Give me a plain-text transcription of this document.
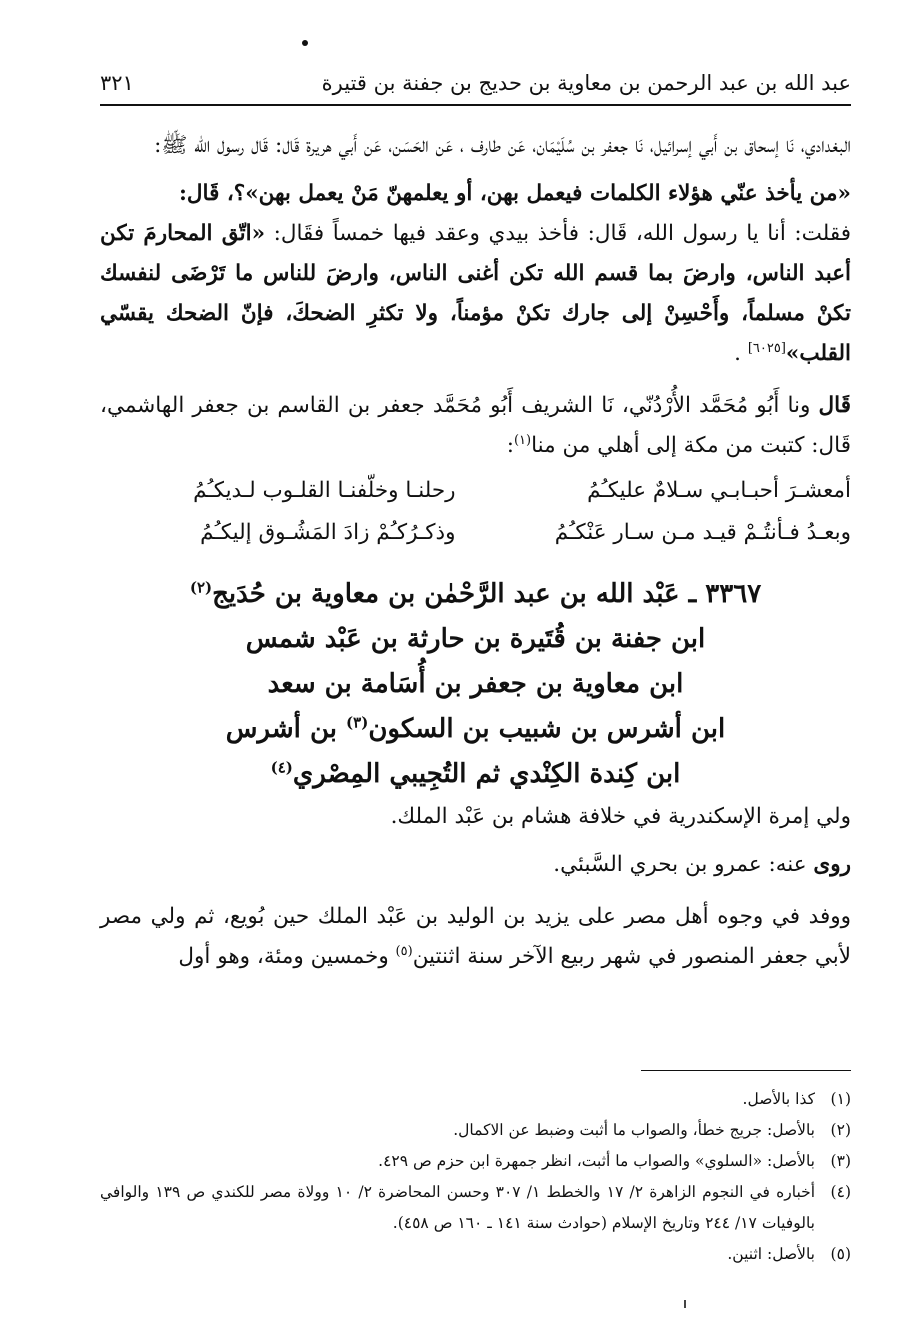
عبد الله بن عبد الرحمن بن معاوية بن حديج بن جفنة بن قتيرة
٣٢١

البغدادي، نَا إسحاق بن أَبي إسرائيل، نَا جعفر بن سُلَيْمَان، عَن طارف ، عَن الحَسَن، عَن أَبي هريرة قَال: قَال رسول الله ﷺ:

«من يأخذ عنّي هؤلاء الكلمات فيعمل بهن، أو يعلمهنّ مَنْ يعمل بهن»؟، قَال:

فقلت: أنا يا رسول الله، قَال: فأخذ بيدي وعقد فيها خمساً فقَال: «اتّق المحارمَ تكن أعبد الناس، وارضَ بما قسم الله تكن أغنى الناس، وارضَ للناس ما تَرْضَى لنفسك تكنْ مسلماً، وأَحْسِنْ إلى جارك تكنْ مؤمناً، ولا تكثرِ الضحكَ، فإنّ الضحك يقسّي القلب»[٦٠٢٥] .

قَال ونا أَبُو مُحَمَّد الأُرْدُنّي، نَا الشريف أَبُو مُحَمَّد جعفر بن القاسم بن جعفر الهاشمي، قَال: كتبت من مكة إلى أهلي من منا$^{(١)}$:

أمعشـرَ أحبـابـي سـلامٌ عليكـُمُ
رحلنـا وخلّفنـا القلـوب لـديكـُمُ
وبعـدُ فـأنتُـمْ قيـد مـن سـار عَنْكـُمُ
وذكـرُكـُمْ زادَ المَشُـوق إليكـُمُ
٣٣٦٧ ـ عَبْد الله بن عبد الرَّحْمٰن بن معاوية بن حُدَيج$^{(٢)}$
ابن جفنة بن قُتَيرة بن حارثة بن عَبْد شمس
ابن معاوية بن جعفر بن أُسَامة بن سعد
ابن أشرس بن شبيب بن السكون$^{(٣)}$ بن أشرس
ابن كِندة الكِنْدي ثم التُجِيبي المِصْري$^{(٤)}$

ولي إمرة الإسكندرية في خلافة هشام بن عَبْد الملك.

روى عنه: عمرو بن بحري السَّبئي.

ووفد في وجوه أهل مصر على يزيد بن الوليد بن عَبْد الملك حين بُويع، ثم ولي مصر لأبي جعفر المنصور في شهر ربيع الآخر سنة اثنتين$^{(٥)}$ وخمسين ومئة، وهو أول

(١)
كذا بالأصل.
(٢)
بالأصل: جريج خطأ، والصواب ما أثبت وضبط عن الاكمال.
(٣)
بالأصل: «السلوي» والصواب ما أثبت، انظر جمهرة ابن حزم ص ٤٢٩.
(٤)
أخباره في النجوم الزاهرة ٢/ ١٧ والخطط ١/ ٣٠٧ وحسن المحاضرة ٢/ ١٠ وولاة مصر للكندي ص ١٣٩ والوافي بالوفيات ١٧/ ٢٤٤ وتاريخ الإسلام (حوادث سنة ١٤١ ـ ١٦٠ ص ٤٥٨).
(٥)
بالأصل: اثنين.
